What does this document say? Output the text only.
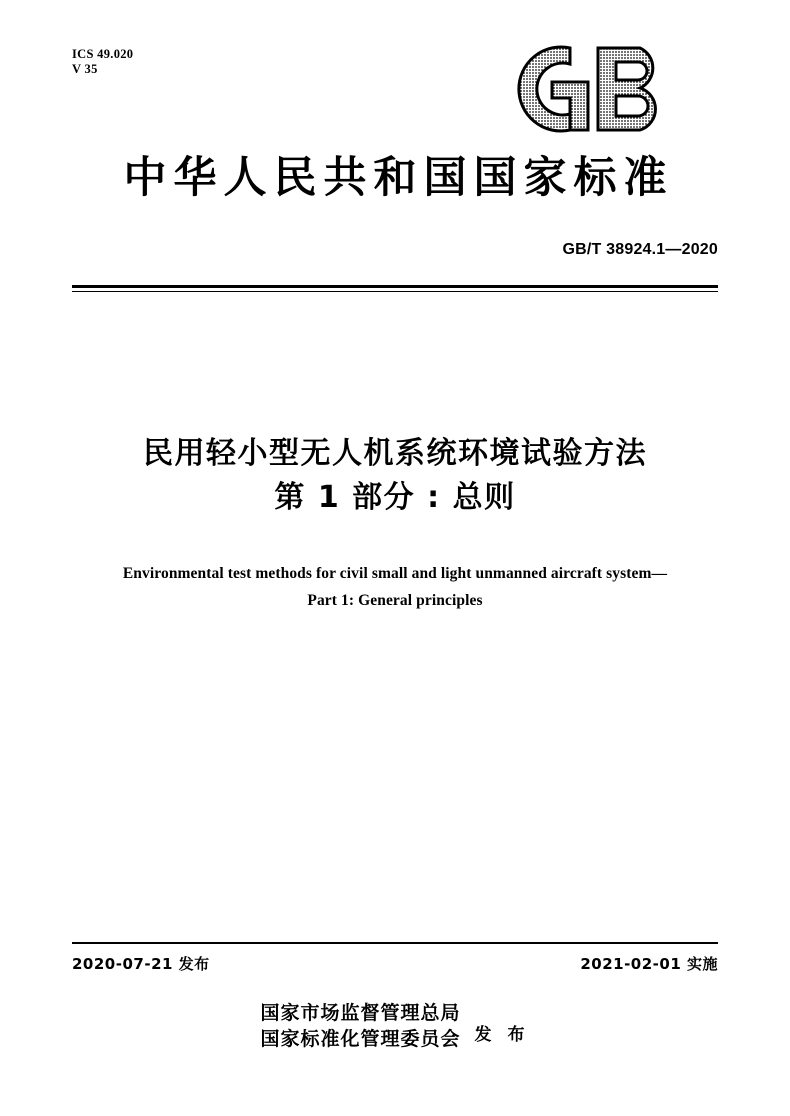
ICS 49.020
V 35
中华人民共和国国家标准
GB/T 38924.1—2020
民用轻小型无人机系统环境试验方法
第 1 部分 : 总则
Environmental test methods for civil small and light unmanned aircraft system—
Part 1: General principles
2020-07-21 发布	2021-02-01 实施
国家市场监督管理总局
国家标准化管理委员会 发 布
